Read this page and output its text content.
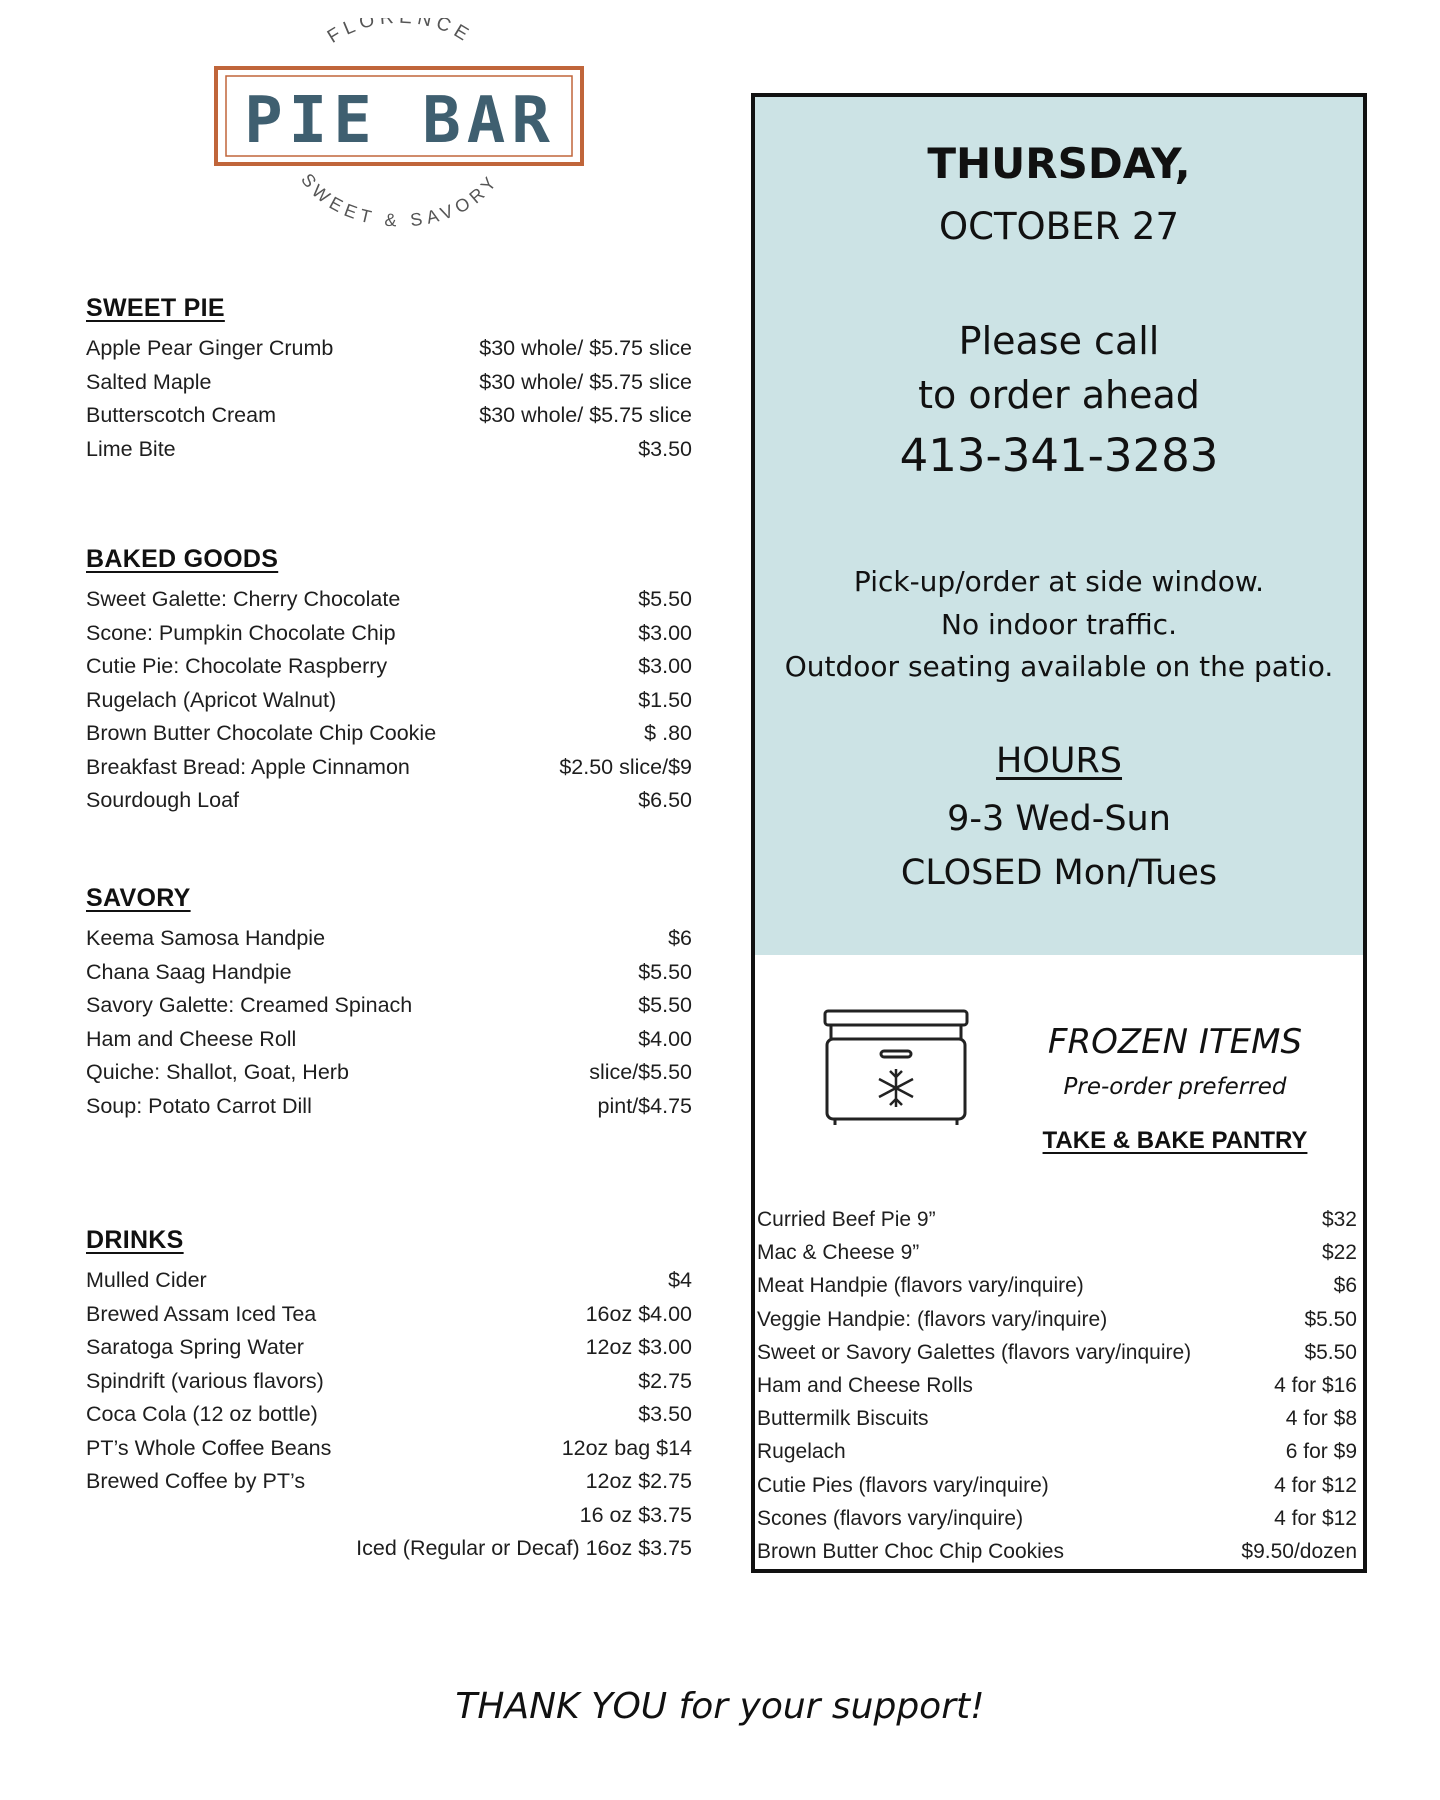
FLO NCE
PIE BAR
SWEET & SAVORY
SWEET PIE
Apple Pear Ginger Crumb	$30 whole/ $5.75 slice
Salted Maple	$30 whole/ $5.75 slice
Butterscotch Cream	$30 whole/ $5.75 slice
Lime Bite	$3.50
BAKED GOODS
Sweet Galette: Cherry Chocolate	$5.50
Scone: Pumpkin Chocolate Chip	$3.00
Cutie Pie: Chocolate Raspberry	$3.00
Rugelach (Apricot Walnut)	$1.50
Brown Butter Chocolate Chip Cookie	$ .80
Breakfast Bread: Apple Cinnamon	$2.50 slice/$9
Sourdough Loaf	$6.50
SAVORY
Keema Samosa Handpie	$6
Chana Saag Handpie	$5.50
Savory Galette: Creamed Spinach	$5.50
Ham and Cheese Roll	$4.00
Quiche: Shallot, Goat, Herb	slice/$5.50
Soup: Potato Carrot Dill	pint/$4.75
DRINKS
Mulled Cider	$4
Brewed Assam Iced Tea	16oz $4.00
Saratoga Spring Water	12oz $3.00
Spindrift (various flavors)	$2.75
Coca Cola (12 oz bottle)	$3.50
PT’s Whole Coffee Beans	12oz bag $14
Brewed Coffee by PT’s	12oz $2.75
16 oz $3.75
Iced (Regular or Decaf) 16oz $3.75
THURSDAY,
OCTOBER 27
Please call
to order ahead
413-341-3283
Pick-up/order at side window.
No indoor traffic.
Outdoor seating available on the patio.
HOURS
9-3 Wed-Sun
CLOSED Mon/Tues
FROZEN ITEMS
Pre-order preferred
TAKE & BAKE PANTRY
Curried Beef Pie 9”	$32
Mac & Cheese 9”	$22
Meat Handpie (flavors vary/inquire)	$6
Veggie Handpie: (flavors vary/inquire)	$5.50
Sweet or Savory Galettes (flavors vary/inquire)	$5.50
Ham and Cheese Rolls	4 for $16
Buttermilk Biscuits	4 for $8
Rugelach	6 for $9
Cutie Pies (flavors vary/inquire)	4 for $12
Scones (flavors vary/inquire)	4 for $12
Brown Butter Choc Chip Cookies	$9.50/dozen
THANK YOU for your support!
